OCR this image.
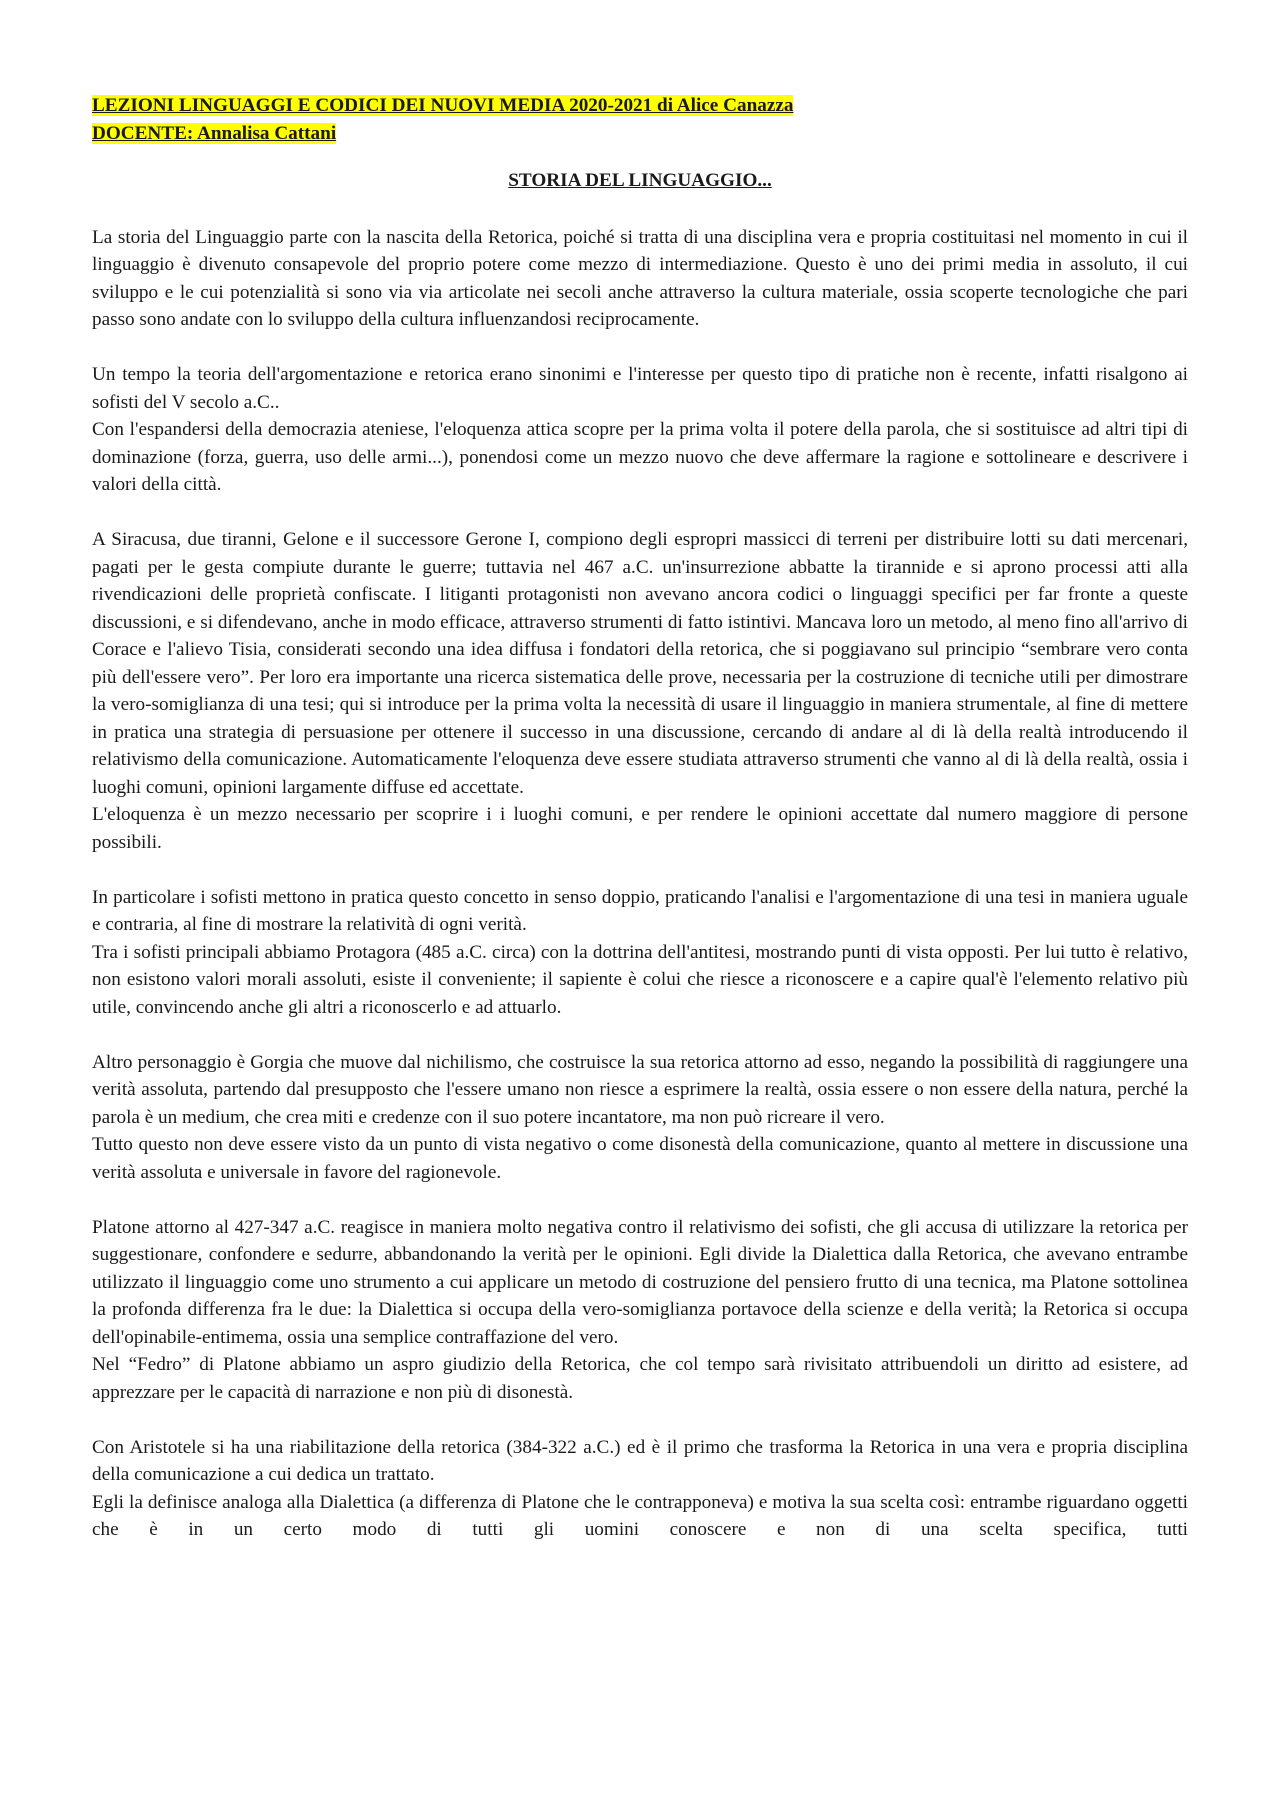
LEZIONI LINGUAGGI E CODICI DEI NUOVI MEDIA 2020-2021 di Alice Canazza
DOCENTE: Annalisa Cattani
STORIA DEL LINGUAGGIO...

La storia del Linguaggio parte con la nascita della Retorica, poiché si tratta di una disciplina vera e propria costituitasi nel momento in cui il linguaggio è divenuto consapevole del proprio potere come mezzo di intermediazione. Questo è uno dei primi media in assoluto, il cui sviluppo e le cui potenzialità si sono via via articolate nei secoli anche attraverso la cultura materiale, ossia scoperte tecnologiche che pari passo sono andate con lo sviluppo della cultura influenzandosi reciprocamente.

Un tempo la teoria dell'argomentazione e retorica erano sinonimi e l'interesse per questo tipo di pratiche non è recente, infatti risalgono ai sofisti del V secolo a.C..

Con l'espandersi della democrazia ateniese, l'eloquenza attica scopre per la prima volta il potere della parola, che si sostituisce ad altri tipi di dominazione (forza, guerra, uso delle armi...), ponendosi come un mezzo nuovo che deve affermare la ragione e sottolineare e descrivere i valori della città.

A Siracusa, due tiranni, Gelone e il successore Gerone I, compiono degli espropri massicci di terreni per distribuire lotti su dati mercenari, pagati per le gesta compiute durante le guerre; tuttavia nel 467 a.C. un'insurrezione abbatte la tirannide e si aprono processi atti alla rivendicazioni delle proprietà confiscate. I litiganti protagonisti non avevano ancora codici o linguaggi specifici per far fronte a queste discussioni, e si difendevano, anche in modo efficace, attraverso strumenti di fatto istintivi. Mancava loro un metodo, al meno fino all'arrivo di Corace e l'alievo Tisia, considerati secondo una idea diffusa i fondatori della retorica, che si poggiavano sul principio “sembrare vero conta più dell'essere vero”. Per loro era importante una ricerca sistematica delle prove, necessaria per la costruzione di tecniche utili per dimostrare la vero-somiglianza di una tesi; qui si introduce per la prima volta la necessità di usare il linguaggio in maniera strumentale, al fine di mettere in pratica una strategia di persuasione per ottenere il successo in una discussione, cercando di andare al di là della realtà introducendo il relativismo della comunicazione. Automaticamente l'eloquenza deve essere studiata attraverso strumenti che vanno al di là della realtà, ossia i luoghi comuni, opinioni largamente diffuse ed accettate.

L'eloquenza è un mezzo necessario per scoprire i i luoghi comuni, e per rendere le opinioni accettate dal numero maggiore di persone possibili.

In particolare i sofisti mettono in pratica questo concetto in senso doppio, praticando l'analisi e l'argomentazione di una tesi in maniera uguale e contraria, al fine di mostrare la relatività di ogni verità.

Tra i sofisti principali abbiamo Protagora (485 a.C. circa) con la dottrina dell'antitesi, mostrando punti di vista opposti. Per lui tutto è relativo, non esistono valori morali assoluti, esiste il conveniente; il sapiente è colui che riesce a riconoscere e a capire qual'è l'elemento relativo più utile, convincendo anche gli altri a riconoscerlo e ad attuarlo.

Altro personaggio è Gorgia che muove dal nichilismo, che costruisce la sua retorica attorno ad esso, negando la possibilità di raggiungere una verità assoluta, partendo dal presupposto che l'essere umano non riesce a esprimere la realtà, ossia essere o non essere della natura, perché la parola è un medium, che crea miti e credenze con il suo potere incantatore, ma non può ricreare il vero.

Tutto questo non deve essere visto da un punto di vista negativo o come disonestà della comunicazione, quanto al mettere in discussione una verità assoluta e universale in favore del ragionevole.

Platone attorno al 427-347 a.C. reagisce in maniera molto negativa contro il relativismo dei sofisti, che gli accusa di utilizzare la retorica per suggestionare, confondere e sedurre, abbandonando la verità per le opinioni. Egli divide la Dialettica dalla Retorica, che avevano entrambe utilizzato il linguaggio come uno strumento a cui applicare un metodo di costruzione del pensiero frutto di una tecnica, ma Platone sottolinea la profonda differenza fra le due: la Dialettica si occupa della vero-somiglianza portavoce della scienze e della verità; la Retorica si occupa dell'opinabile-entimema, ossia una semplice contraffazione del vero.

Nel “Fedro” di Platone abbiamo un aspro giudizio della Retorica, che col tempo sarà rivisitato attribuendoli un diritto ad esistere, ad apprezzare per le capacità di narrazione e non più di disonestà.

Con Aristotele si ha una riabilitazione della retorica (384-322 a.C.) ed è il primo che trasforma la Retorica in una vera e propria disciplina della comunicazione a cui dedica un trattato.

Egli la definisce analoga alla Dialettica (a differenza di Platone che le contrapponeva) e motiva la sua scelta così: entrambe riguardano oggetti che è in un certo modo di tutti gli uomini conoscere e non di una scelta specifica, tutti
